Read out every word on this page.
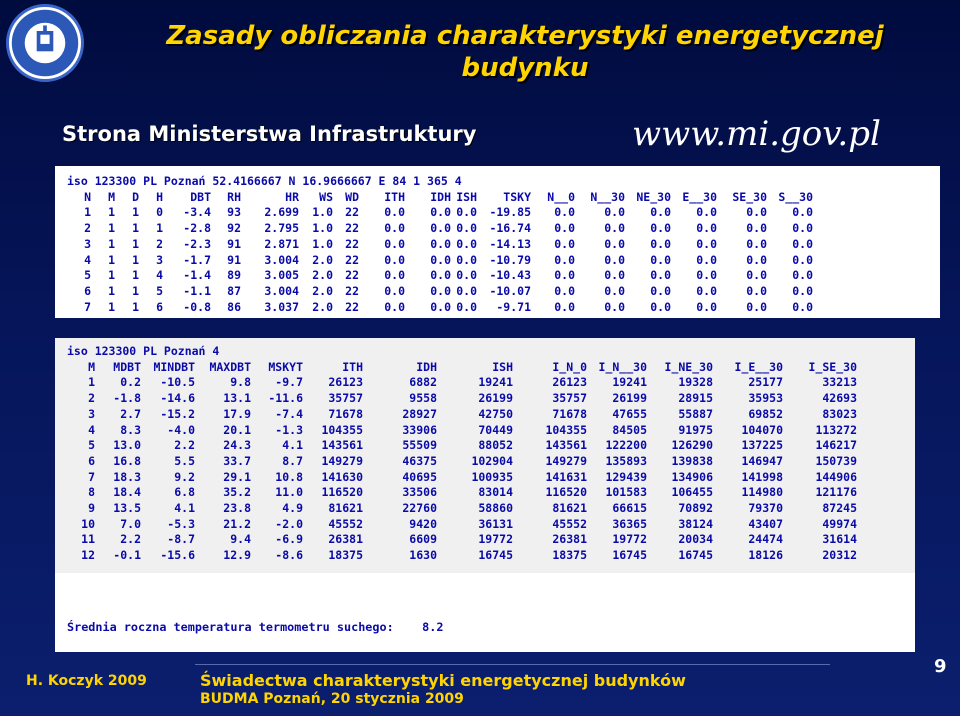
Zasady obliczania charakterystyki energetycznej budynku
Strona Ministerstwa Infrastruktury	www.mi.gov.pl
iso 123300 PL Poznań 52.4166667 N 16.9666667 E 84 1 365 4																		
N	M	D	H	DBT	RH	HR	WS	WD	ITH	IDH	ISH	TSKY	N__0	N__30	NE_30	E__30	SE_30	S__30
1	1	1	0	-3.4	93	2.699	1.0	22	0.0	0.0	0.0	-19.85	0.0	0.0	0.0	0.0	0.0	0.0
2	1	1	1	-2.8	92	2.795	1.0	22	0.0	0.0	0.0	-16.74	0.0	0.0	0.0	0.0	0.0	0.0
3	1	1	2	-2.3	91	2.871	1.0	22	0.0	0.0	0.0	-14.13	0.0	0.0	0.0	0.0	0.0	0.0
4	1	1	3	-1.7	91	3.004	2.0	22	0.0	0.0	0.0	-10.79	0.0	0.0	0.0	0.0	0.0	0.0
5	1	1	4	-1.4	89	3.005	2.0	22	0.0	0.0	0.0	-10.43	0.0	0.0	0.0	0.0	0.0	0.0
6	1	1	5	-1.1	87	3.004	2.0	22	0.0	0.0	0.0	-10.07	0.0	0.0	0.0	0.0	0.0	0.0
7	1	1	6	-0.8	86	3.037	2.0	22	0.0	0.0	0.0	-9.71	0.0	0.0	0.0	0.0	0.0	0.0
iso 123300 PL Poznań 4												
M	MDBT	MINDBT	MAXDBT	MSKYT	ITH	IDH	ISH	I_N_0	I_N__30	I_NE_30	I_E__30	I_SE_30
1	0.2	-10.5	9.8	-9.7	26123	6882	19241	26123	19241	19328	25177	33213
2	-1.8	-14.6	13.1	-11.6	35757	9558	26199	35757	26199	28915	35953	42693
3	2.7	-15.2	17.9	-7.4	71678	28927	42750	71678	47655	55887	69852	83023
4	8.3	-4.0	20.1	-1.3	104355	33906	70449	104355	84505	91975	104070	113272
5	13.0	2.2	24.3	4.1	143561	55509	88052	143561	122200	126290	137225	146217
6	16.8	5.5	33.7	8.7	149279	46375	102904	149279	135893	139838	146947	150739
7	18.3	9.2	29.1	10.8	141630	40695	100935	141631	129439	134906	141998	144906
8	18.4	6.8	35.2	11.0	116520	33506	83014	116520	101583	106455	114980	121176
9	13.5	4.1	23.8	4.9	81621	22760	58860	81621	66615	70892	79370	87245
10	7.0	-5.3	21.2	-2.0	45552	9420	36131	45552	36365	38124	43407	49974
11	2.2	-8.7	9.4	-6.9	26381	6609	19772	26381	19772	20034	24474	31614
12	-0.1	-15.6	12.9	-8.6	18375	1630	16745	18375	16745	16745	18126	20312

Średnia roczna temperatura termometru suchego:    8.2

H. Koczyk 2009	Świadectwa charakterystyki energetycznej budynków
BUDMA Poznań, 20 stycznia 2009
9
